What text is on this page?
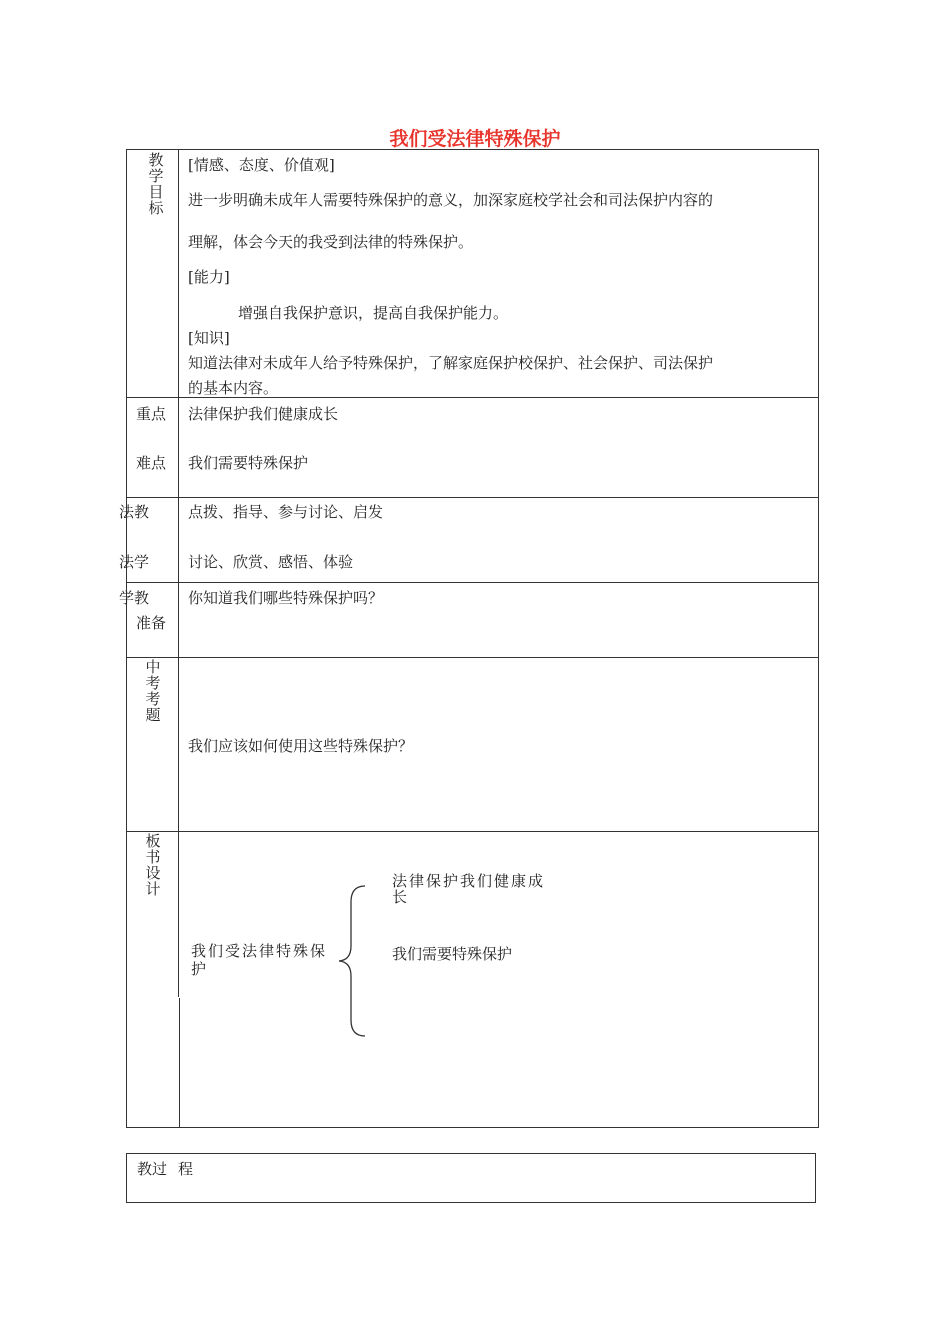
我们受法律特殊保护
教学目标
[情感、态度、价值观]
进一步明确未成年人需要特殊保护的意义，加深家庭校学社会和司法保护内容的
理解，体会今天的我受到法律的特殊保护。
[能力]
增强自我保护意识，提高自我保护能力。
[知识]
知道法律对未成年人给予特殊保护，了解家庭保护校保护、社会保护、司法保护
的基本内容。
重点
难点
法律保护我们健康成长
我们需要特殊保护
法教
法学
点拨、指导、参与讨论、启发
讨论、欣赏、感悟、体验
学教
准备
你知道我们哪些特殊保护吗？
中考考题
我们应该如何使用这些特殊保护？
板书设计
我们受法律特殊保护
法律保护我们健康成长
我们需要特殊保护
教过 程
